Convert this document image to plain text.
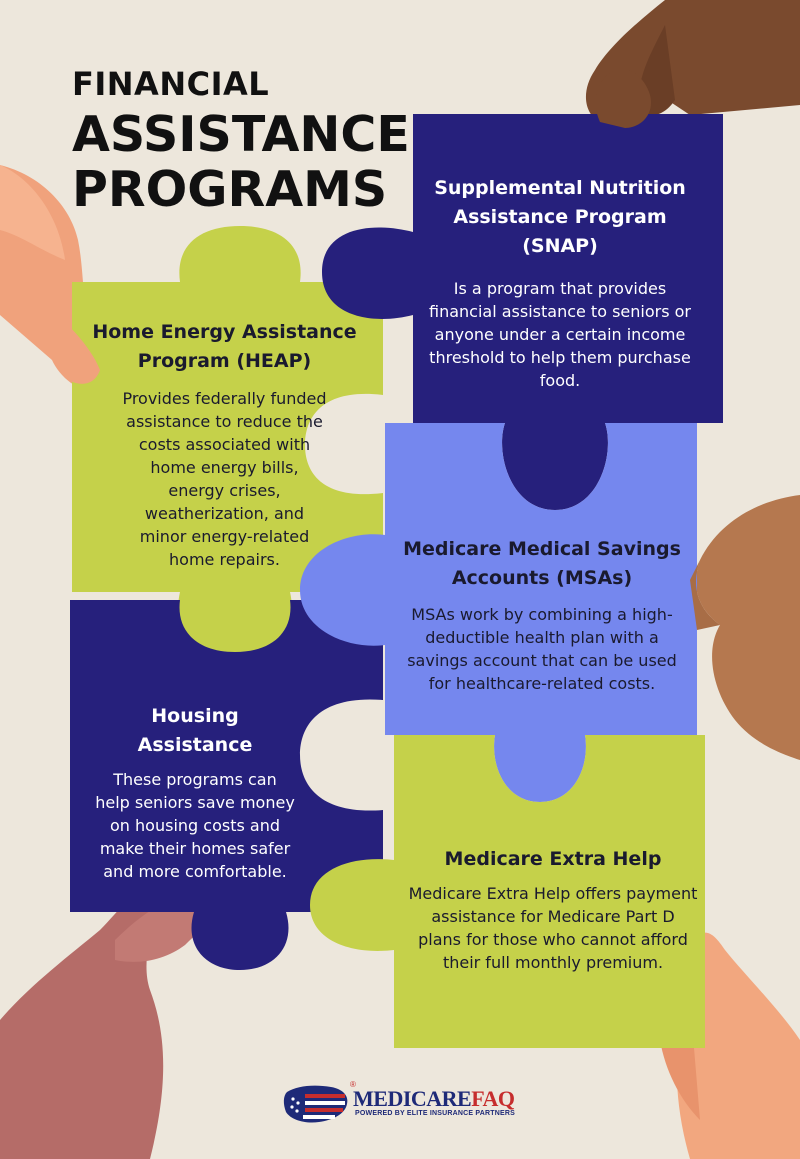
FINANCIAL
ASSISTANCE
PROGRAMS	Supplemental Nutrition Assistance Program (SNAP)

Is a program that provides financial assistance to seniors or anyone under a certain income threshold to help them purchase food.

Home Energy Assistance Program (HEAP)

Provides federally funded assistance to reduce the costs associated with home energy bills, energy crises, weatherization, and minor energy-related home repairs.	Medicare Medical Savings Accounts (MSAs)

MSAs work by combining a high-deductible health plan with a savings account that can be used for healthcare-related costs.

Housing Assistance

These programs can help seniors save money on housing costs and make their homes safer and more comfortable.

Medicare Extra Help

Medicare Extra Help offers payment assistance for Medicare Part D plans for those who cannot afford their full monthly premium.

®
MEDICAREFAQ
POWERED BY ELITE INSURANCE PARTNERS
